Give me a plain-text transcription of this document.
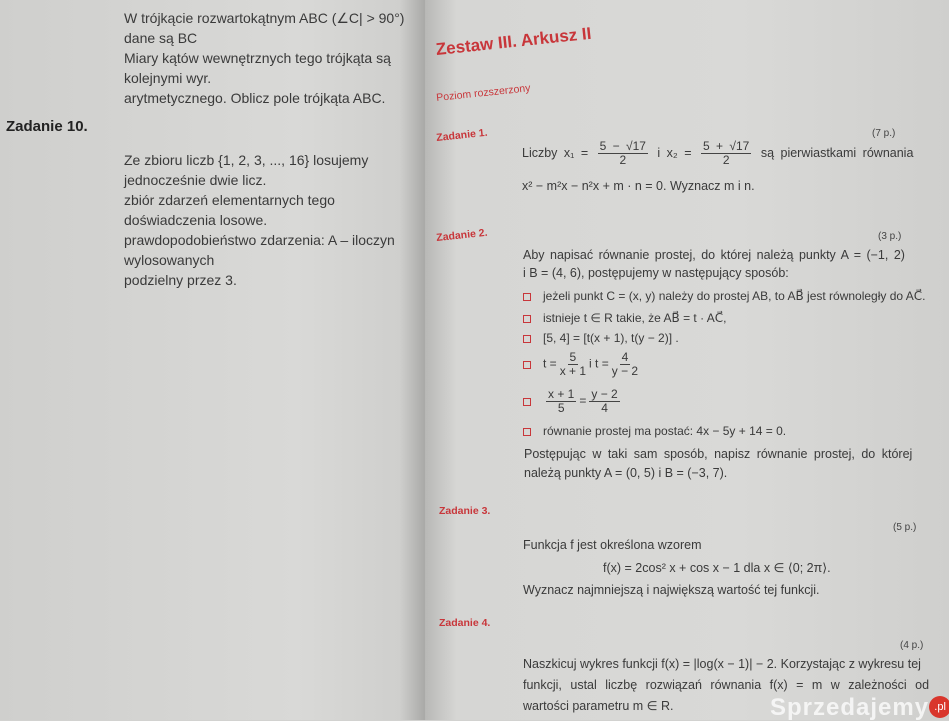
W trójkącie rozwartokątnym ABC (∠C| > 90°) dane są BC
Miary kątów wewnętrznych tego trójkąta są kolejnymi wyr.
arytmetycznego. Oblicz pole trójkąta ABC.
Zadanie 10.
Ze zbioru liczb {1, 2, 3, ..., 16} losujemy jednocześnie dwie licz.
zbiór zdarzeń elementarnych tego doświadczenia losowe.
prawdopodobieństwo zdarzenia: A – iloczyn wylosowanych
podzielny przez 3.
Zestaw III. Arkusz II
Poziom rozszerzony
Zadanie 1.	(7 p.)
Liczby $x_1 = \frac{5 - √17}{2}$ i $x_2 = \frac{5 + √17}{2}$ są pierwiastkami równania
x² − m²x − n²x + m · n = 0. Wyznacz m i n.
Zadanie 2.	(3 p.)
Aby napisać równanie prostej, do której należą punkty A = (−1, 2)
i B = (4, 6), postępujemy w następujący sposób:
jeżeli punkt C = (x, y) należy do prostej AB, to AB⃗ jest równoległy do AC⃗.
istnieje t ∈ R takie, że AB⃗ = t · AC⃗,
[5, 4] = [t(x + 1), t(y − 2)] .
$t = \frac{5}{x + 1}$ i $t = \frac{4}{y - 2}$
$\frac{x + 1}{5} = \frac{y - 2}{4}$
równanie prostej ma postać: 4x − 5y + 14 = 0.
Postępując w taki sam sposób, napisz równanie prostej, do której
należą punkty A = (0, 5) i B = (−3, 7).
Zadanie 3.
(5 p.)
Funkcja f jest określona wzorem
f(x) = 2cos² x + cos x − 1 dla x ∈ ⟨0; 2π⟩.
Wyznacz najmniejszą i największą wartość tej funkcji.
Zadanie 4.
(4 p.)
Naszkicuj wykres funkcji f(x) = |log(x − 1)| − 2. Korzystając z wykresu tej
funkcji, ustal liczbę rozwiązań równania f(x) = m w zależności od
wartości parametru m ∈ R.	Sprzedajemy .pl
